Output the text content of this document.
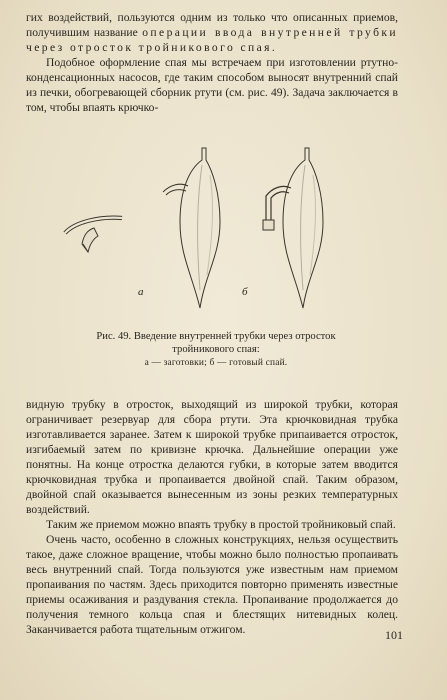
гих воздействий, пользуются одним из только что описанных приемов, получившим название операции ввода внутренней трубки через отросток тройникового спая.

Подобное оформление спая мы встречаем при изготовлении ртутно-конденсационных насосов, где таким способом выносят внутренний спай из печки, обогревающей сборник ртути (см. рис. 49). Задача заключается в том, чтобы впаять крючко-

а	б
Рис. 49. Введение внутренней трубки через отросток тройникового спая:
а — заготовки; б — готовый спай.

видную трубку в отросток, выходящий из широкой трубки, которая ограничивает резервуар для сбора ртути. Эта крючковидная трубка изготавливается заранее. Затем к широкой трубке припаивается отросток, изгибаемый затем по кривизне крючка. Дальнейшие операции уже понятны. На конце отростка делаются губки, в которые затем вводится крючковидная трубка и пропаивается двойной спай. Таким образом, двойной спай оказывается вынесенным из зоны резких температурных воздействий.

Таким же приемом можно впаять трубку в простой тройниковый спай.

Очень часто, особенно в сложных конструкциях, нельзя осуществить такое, даже сложное вращение, чтобы можно было полностью пропаивать весь внутренний спай. Тогда пользуются уже известным нам приемом пропаивания по частям. Здесь приходится повторно применять известные приемы осаживания и раздувания стекла. Пропаивание продолжается до получения темного кольца спая и блестящих нитевидных колец. Заканчивается работа тщательным отжигом.	101
